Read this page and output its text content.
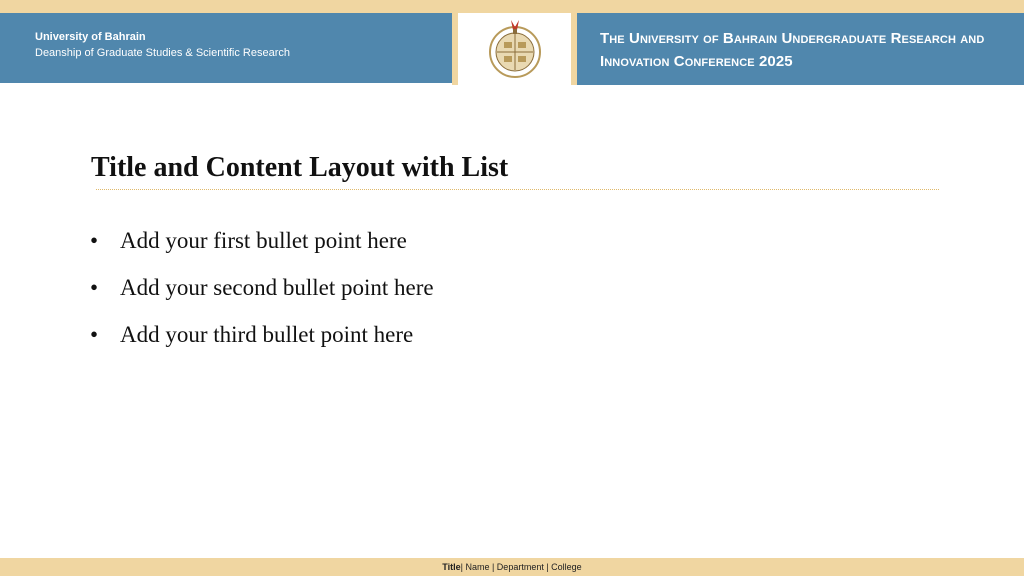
University of Bahrain
Deanship of Graduate Studies & Scientific Research
The University of Bahrain Undergraduate Research and Innovation Conference 2025
Title and Content Layout with List
• Add your first bullet point here
• Add your second bullet point here
• Add your third bullet point here
Title| Name | Department | College
